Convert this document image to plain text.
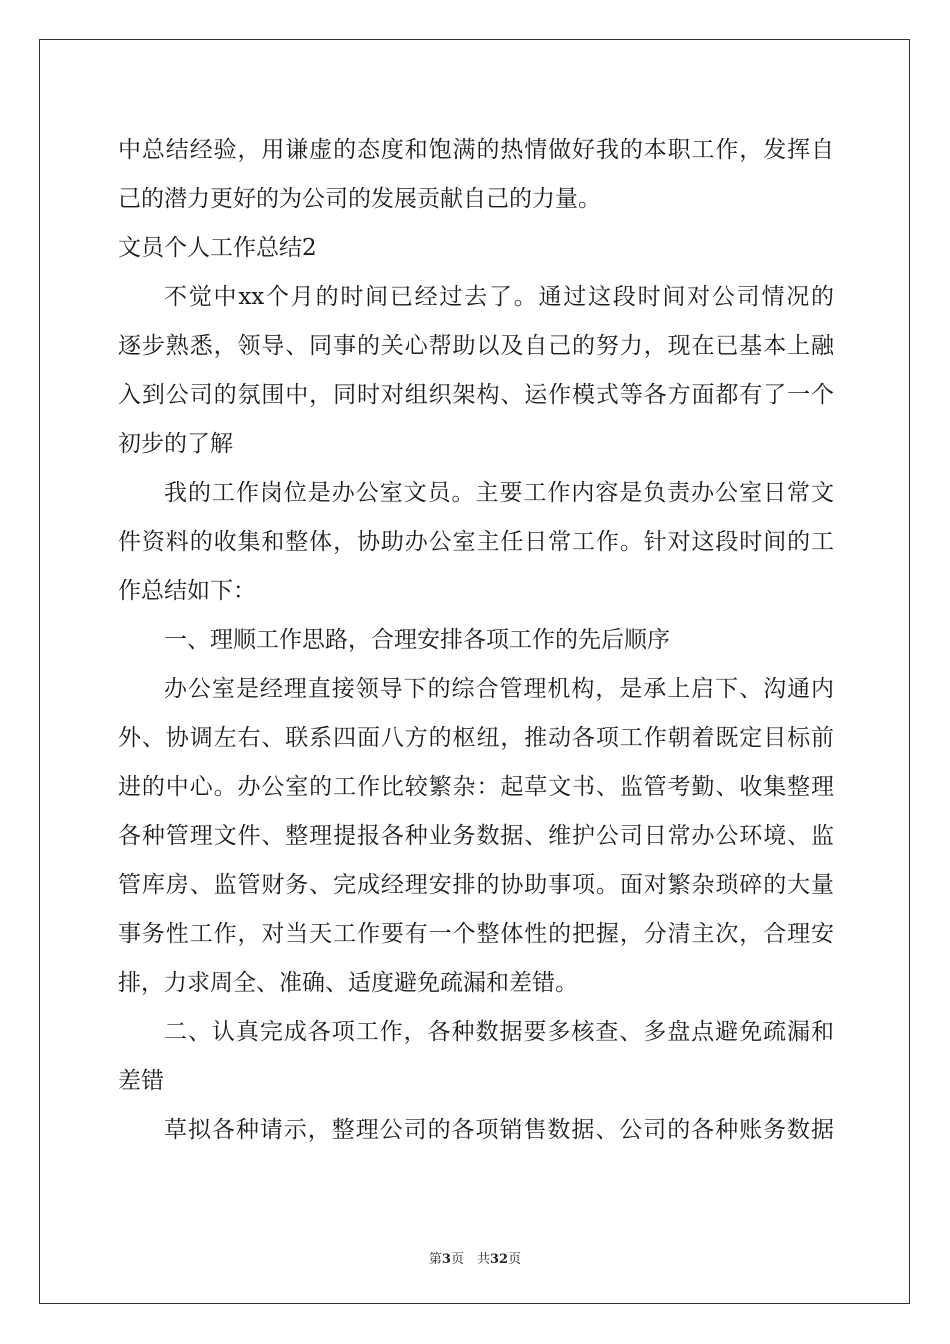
中总结经验，用谦虚的态度和饱满的热情做好我的本职工作，发挥自
己的潜力更好的为公司的发展贡献自己的力量。
文员个人工作总结2
不觉中xx个月的时间已经过去了。通过这段时间对公司情况的
逐步熟悉，领导、同事的关心帮助以及自己的努力，现在已基本上融
入到公司的氛围中，同时对组织架构、运作模式等各方面都有了一个
初步的了解
我的工作岗位是办公室文员。主要工作内容是负责办公室日常文
件资料的收集和整体，协助办公室主任日常工作。针对这段时间的工
作总结如下：
一、理顺工作思路，合理安排各项工作的先后顺序
办公室是经理直接领导下的综合管理机构，是承上启下、沟通内
外、协调左右、联系四面八方的枢纽，推动各项工作朝着既定目标前
进的中心。办公室的工作比较繁杂：起草文书、监管考勤、收集整理
各种管理文件、整理提报各种业务数据、维护公司日常办公环境、监
管库房、监管财务、完成经理安排的协助事项。面对繁杂琐碎的大量
事务性工作，对当天工作要有一个整体性的把握，分清主次，合理安
排，力求周全、准确、适度避免疏漏和差错。
二、认真完成各项工作，各种数据要多核查、多盘点避免疏漏和
差错
草拟各种请示，整理公司的各项销售数据、公司的各种账务数据
第3页　共32页
